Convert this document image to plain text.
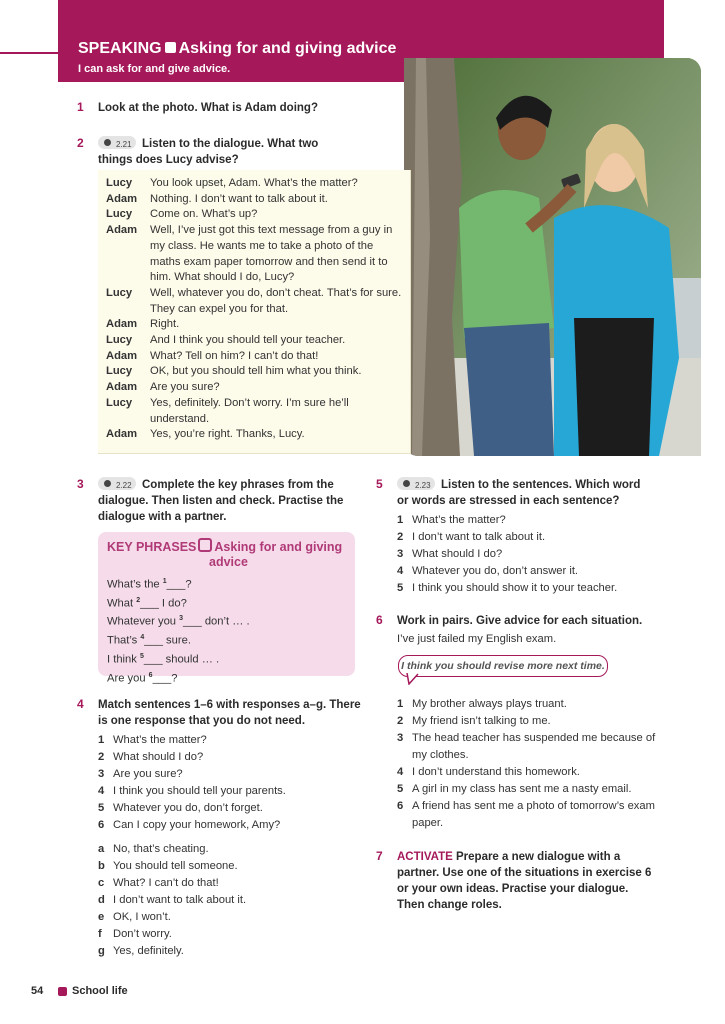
SPEAKING Asking for and giving advice
I can ask for and give advice.
1 Look at the photo. What is Adam doing?
2	2.21 Listen to the dialogue. What two
things does Lucy advise?
Lucy	You look upset, Adam. What’s the matter?
Adam	Nothing. I don’t want to talk about it.
Lucy	Come on. What’s up?
Adam	Well, I’ve just got this text message from a guy in my class. He wants me to take a photo of the maths exam paper tomorrow and then send it to him. What should I do, Lucy?
Lucy	Well, whatever you do, don’t cheat. That’s for sure. They can expel you for that.
Adam	Right.
Lucy	And I think you should tell your teacher.
Adam	What? Tell on him? I can’t do that!
Lucy	OK, but you should tell him what you think.
Adam	Are you sure?
Lucy	Yes, definitely. Don’t worry. I’m sure he’ll understand.
Adam	Yes, you’re right. Thanks, Lucy.
3	2.22 Complete the key phrases from the
dialogue. Then listen and check. Practise the
dialogue with a partner.
KEY PHRASES Asking for and giving
advice
What’s the $^1$___?
What $^2$___ I do?
Whatever you $^3$___ don’t … .
That’s $^4$___ sure.
I think $^5$___ should … .
Are you $^6$___?
4 Match sentences 1–6 with responses a–g. There
is one response that you do not need.
1 What’s the matter?
2 What should I do?
3 Are you sure?
4 I think you should tell your parents.
5 Whatever you do, don’t forget.
6 Can I copy your homework, Amy?
a No, that’s cheating.
b You should tell someone.
c What? I can’t do that!
d I don’t want to talk about it.
e OK, I won’t.
f	Don’t worry.
g Yes, definitely.
5	2.23 Listen to the sentences. Which word
or words are stressed in each sentence?
1 What’s the matter?
2 I don’t want to talk about it.
3 What should I do?
4 Whatever you do, don’t answer it.
5 I think you should show it to your teacher.
6 Work in pairs. Give advice for each situation.
I’ve just failed my English exam.
I think you should revise more next time.
1 My brother always plays truant.
2 My friend isn’t talking to me.
3 The head teacher has suspended me because of my clothes.
4 I don’t understand this homework.
5 A girl in my class has sent me a nasty email.
6 A friend has sent me a photo of tomorrow’s exam paper.
7 ACTIVATE Prepare a new dialogue with a
partner. Use one of the situations in exercise 6
or your own ideas. Practise your dialogue.
Then change roles.
54	School life
